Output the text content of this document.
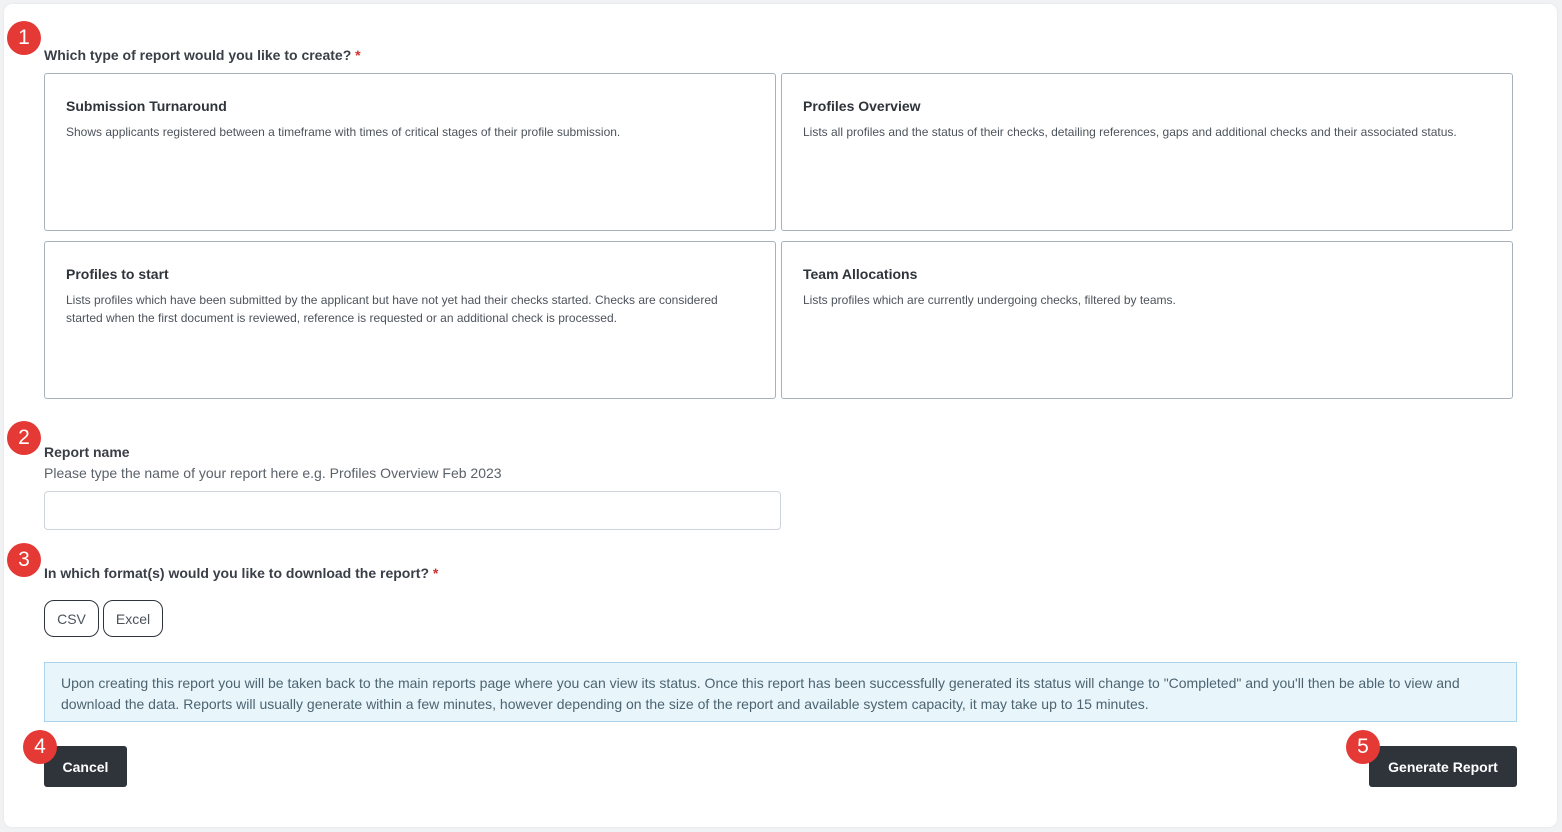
1
Which type of report would you like to create? *
Submission Turnaround
Shows applicants registered between a timeframe with times of critical stages of their profile submission.
Profiles Overview
Lists all profiles and the status of their checks, detailing references, gaps and additional checks and their associated status.
Profiles to start
Lists profiles which have been submitted by the applicant but have not yet had their checks started. Checks are considered started when the first document is reviewed, reference is requested or an additional check is processed.
Team Allocations
Lists profiles which are currently undergoing checks, filtered by teams.
2
Report name
Please type the name of your report here e.g. Profiles Overview Feb 2023
3
In which format(s) would you like to download the report? *
CSV	Excel
Upon creating this report you will be taken back to the main reports page where you can view its status. Once this report has been successfully generated its status will change to "Completed" and you'll then be able to view and download the data. Reports will usually generate within a few minutes, however depending on the size of the report and available system capacity, it may take up to 15 minutes.
Cancel
4
Generate Report
5
